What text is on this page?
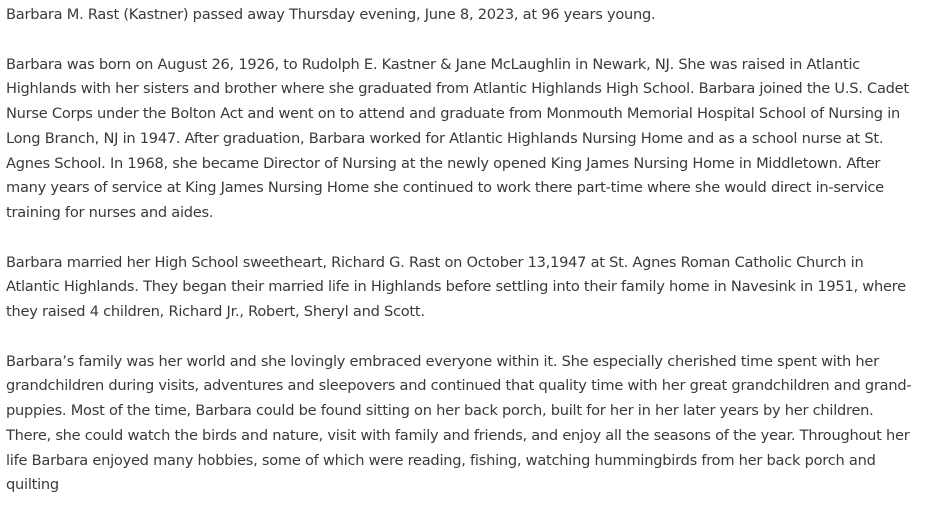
Barbara M. Rast (Kastner) passed away Thursday evening, June 8, 2023, at 96 years young.

Barbara was born on August 26, 1926, to Rudolph E. Kastner & Jane McLaughlin in Newark, NJ. She was raised in Atlantic Highlands with her sisters and brother where she graduated from Atlantic Highlands High School. Barbara joined the U.S. Cadet Nurse Corps under the Bolton Act and went on to attend and graduate from Monmouth Memorial Hospital School of Nursing in Long Branch, NJ in 1947. After graduation, Barbara worked for Atlantic Highlands Nursing Home and as a school nurse at St. Agnes School. In 1968, she became Director of Nursing at the newly opened King James Nursing Home in Middletown. After many years of service at King James Nursing Home she continued to work there part-time where she would direct in-service training for nurses and aides.

Barbara married her High School sweetheart, Richard G. Rast on October 13,1947 at St. Agnes Roman Catholic Church in Atlantic Highlands. They began their married life in Highlands before settling into their family home in Navesink in 1951, where they raised 4 children, Richard Jr., Robert, Sheryl and Scott.

Barbara’s family was her world and she lovingly embraced everyone within it. She especially cherished time spent with her grandchildren during visits, adventures and sleepovers and continued that quality time with her great grandchildren and grand-puppies. Most of the time, Barbara could be found sitting on her back porch, built for her in her later years by her children. There, she could watch the birds and nature, visit with family and friends, and enjoy all the seasons of the year. Throughout her life Barbara enjoyed many hobbies, some of which were reading, fishing, watching hummingbirds from her back porch and quilting
